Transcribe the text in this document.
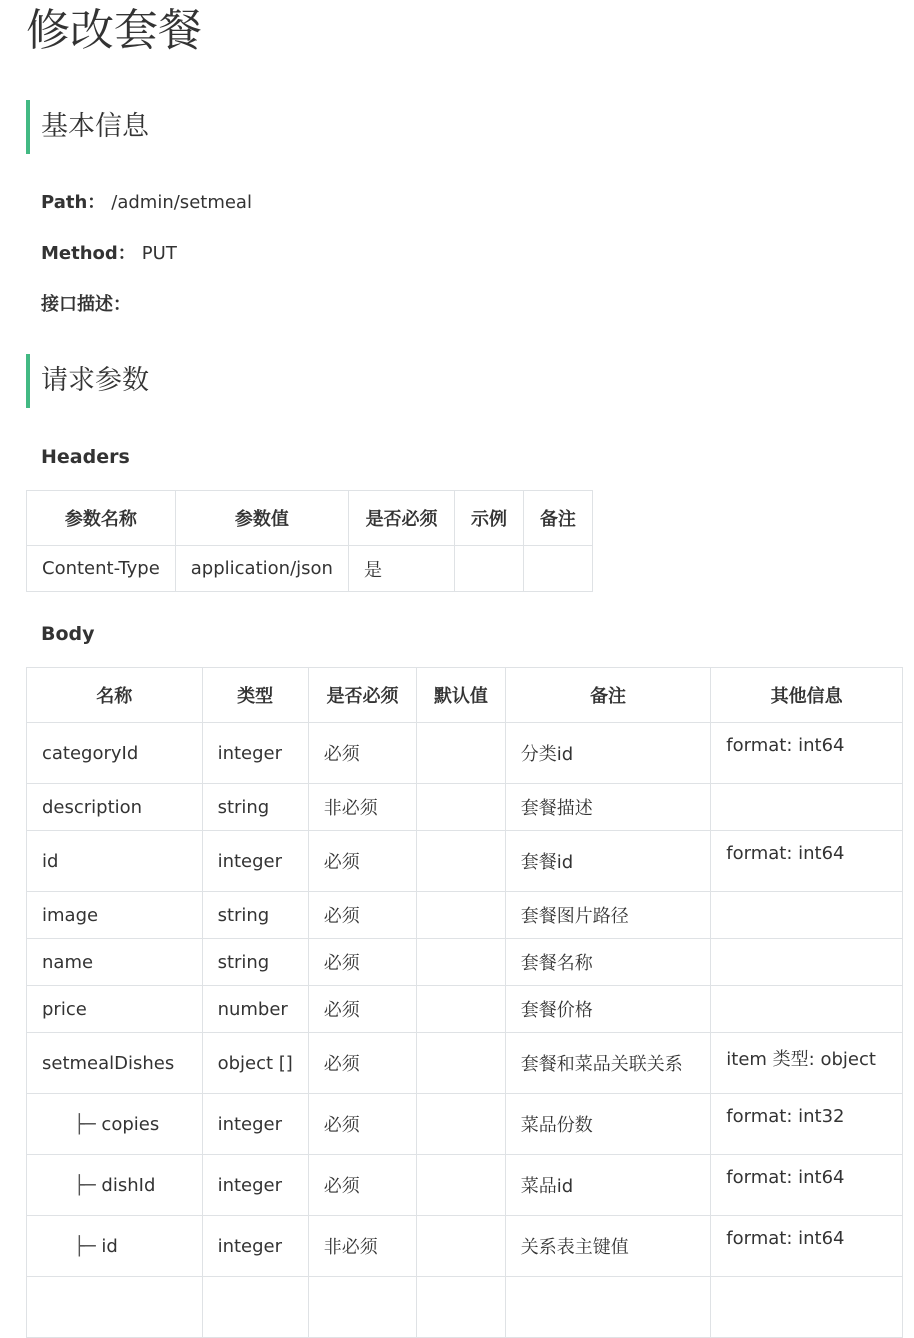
修改套餐
基本信息
Path： /admin/setmeal
Method： PUT
接口描述：
请求参数
Headers
参数名称	参数值	是否必须	示例	备注
Content-Type	application/json	是		
Body
名称	类型	是否必须	默认值	备注	其他信息
categoryId	integer	必须		分类id	format: int64
description	string	非必须		套餐描述	
id	integer	必须		套餐id	format: int64
image	string	必须		套餐图片路径	
name	string	必须		套餐名称	
price	number	必须		套餐价格	
setmealDishes	object []	必须		套餐和菜品关联关系	item 类型: object
├─ copies	integer	必须		菜品份数	format: int32
├─ dishId	integer	必须		菜品id	format: int64
├─ id	integer	非必须		关系表主键值	format: int64
